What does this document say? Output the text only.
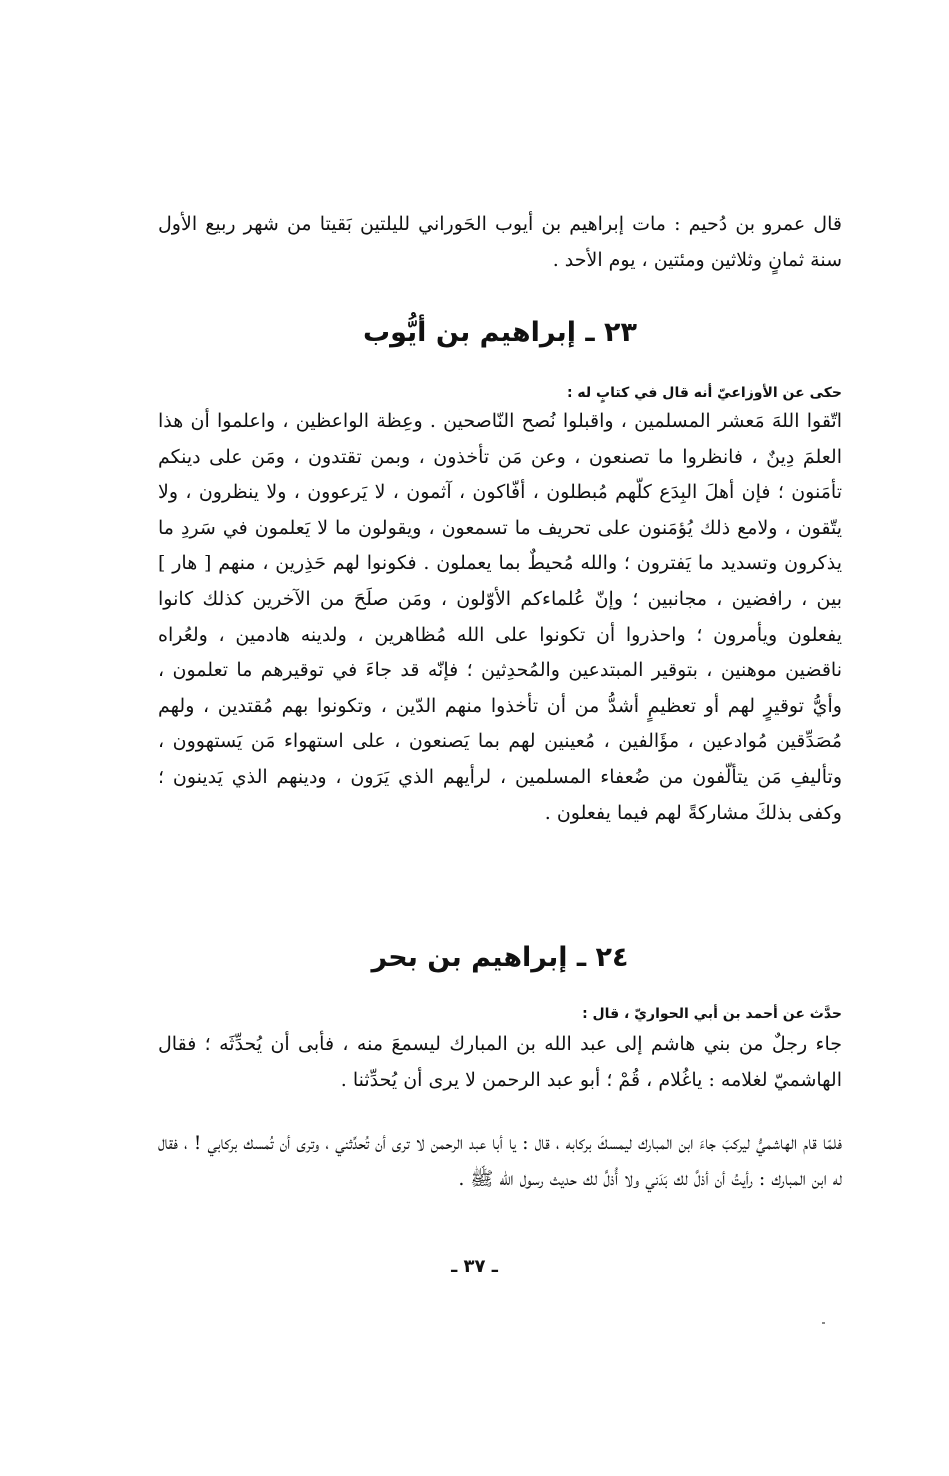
قال عمرو بن دُحيم : مات إبراهيم بن أيوب الحَوراني لليلتين بَقيتا من شهر ربيع الأول سنة ثمانٍ وثلاثين ومئتين ، يوم الأحد .

٢٣ ـ إبراهيم بن أيُّوب
حكى عن الأوزاعيّ أنه قال في كتابٍ له :

اتّقوا اللهَ مَعشر المسلمين ، واقبلوا نُصح النّاصحين . وعِظة الواعظين ، واعلموا أن هذا العلمَ دِينٌ ، فانظروا ما تصنعون ، وعن مَن تأخذون ، وبمن تقتدون ، ومَن على دينكم تأمَنون ؛ فإن أهلَ البِدَع كلّهم مُبطلون ، أفّاكون ، آثمون ، لا يَرعوون ، ولا ينظرون ، ولا يتّقون ، ولامع ذلك يُؤمَنون على تحريف ما تسمعون ، ويقولون ما لا يَعلمون في سَردِ ما يذكرون وتسديد ما يَفترون ؛ والله مُحيطٌ بما يعملون . فكونوا لهم حَذِرين ، منهم [ هار ] بين ، رافضين ، مجانبين ؛ وإنّ عُلماءكم الأوّلون ، ومَن صلَحَ من الآخرين كذلك كانوا يفعلون ويأمرون ؛ واحذروا أن تكونوا على الله مُظاهرين ، ولدينه هادمين ، ولعُراه ناقضين موهنين ، بتوقير المبتدعين والمُحدِثين ؛ فإنّه قد جاءَ في توقيرهم ما تعلمون ، وأيُّ توقيرٍ لهم أو تعظيمٍ أشدُّ من أن تأخذوا منهم الدّين ، وتكونوا بهم مُقتدين ، ولهم مُصَدِّقين مُوادعين ، مؤَالفين ، مُعينين لهم بما يَصنعون ، على استهواء مَن يَستهوون ، وتأليفِ مَن يتألّفون من ضُعفاء المسلمين ، لرأيهم الذي يَرَون ، ودينهم الذي يَدينون ؛ وكفى بذلكَ مشاركةً لهم فيما يفعلون .

٢٤ ـ إبراهيم بن بحر
حدَّث عن أحمد بن أبي الحواريّ ، قال :

جاء رجلٌ من بني هاشم إلى عبد الله بن المبارك ليسمعَ منه ، فأبى أن يُحدِّثَه ؛ فقال الهاشميّ لغلامه : ياغُلام ، قُمْ ؛ أبو عبد الرحمن لا يرى أن يُحدِّثنا .

فلمّا قام الهاشميُّ ليركبَ جاءَ ابن المبارك ليمسكَ بركابه ، قال : يا أبا عبد الرحمن لا ترى أن تُحدِّثني ، وترى أن تُمسك بركابي ! ، فقال له ابن المبارك : رأيتُ أن أذلَّ لك بَدَني ولا أُذلَّ لك حديث رسول الله ﷺ .

ـ ٣٧ ـ
